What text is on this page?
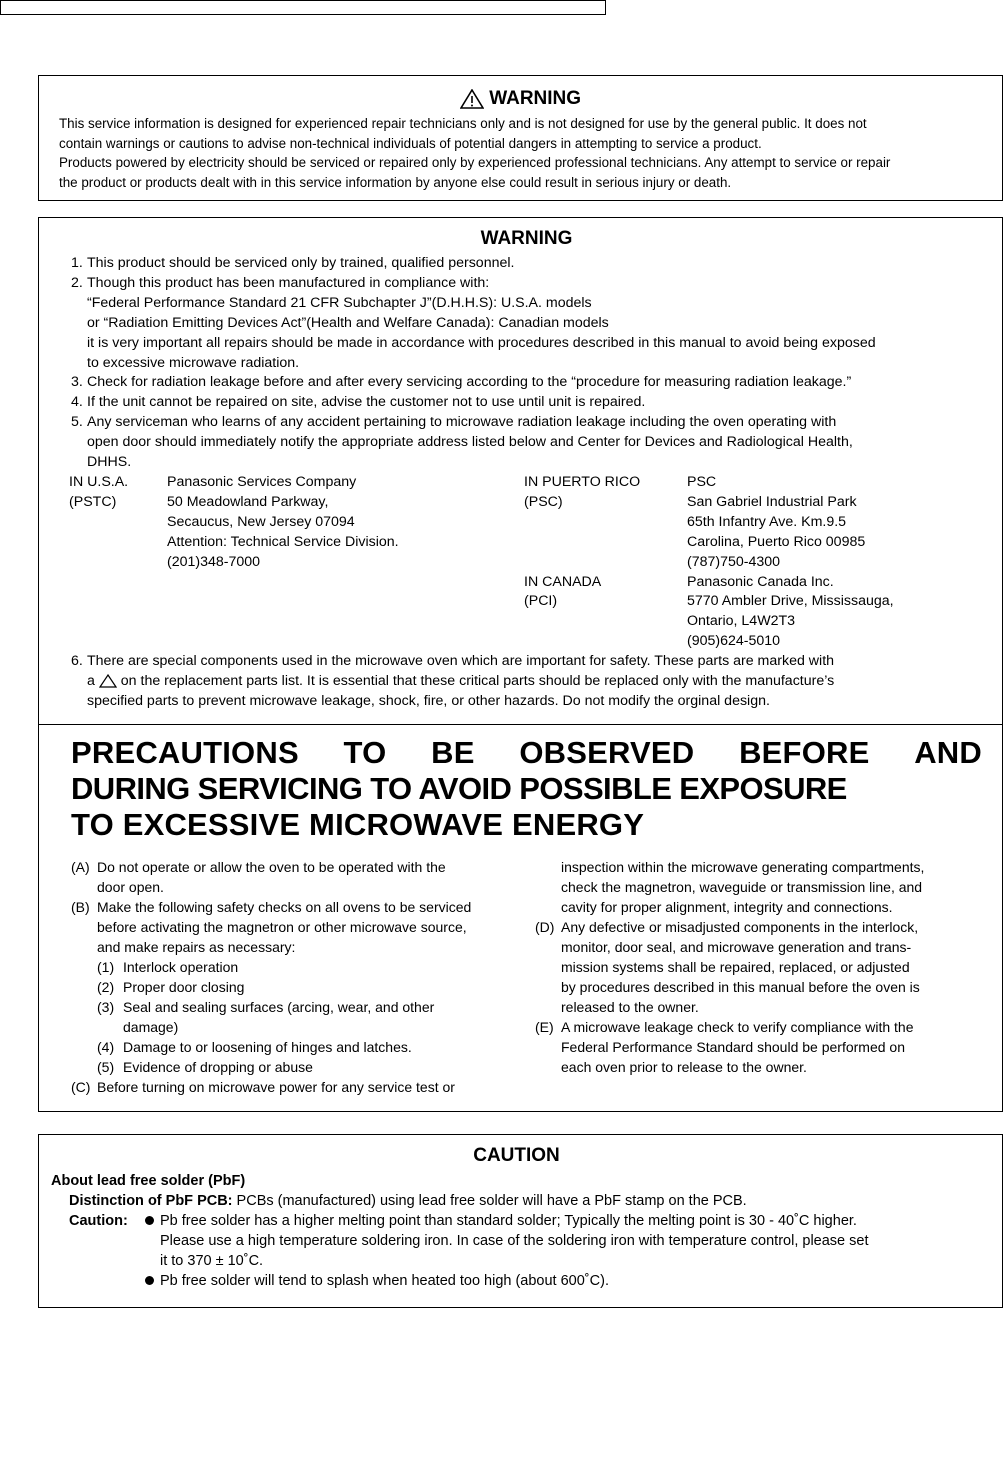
WARNING

This service information is designed for experienced repair technicians only and is not designed for use by the general public. It does not

contain warnings or cautions to advise non-technical individuals of potential dangers in attempting to service a product.

Products powered by electricity should be serviced or repaired only by experienced professional technicians. Any attempt to service or repair

the product or products dealt with in this service information by anyone else could result in serious injury or death.

WARNING
1. This product should be serviced only by trained, qualified personnel.
2. Though this product has been manufactured in compliance with:
“Federal Performance Standard 21 CFR Subchapter J”(D.H.H.S): U.S.A. models
or “Radiation Emitting Devices Act”(Health and Welfare Canada): Canadian models
it is very important all repairs should be made in accordance with procedures described in this manual to avoid being exposed
to excessive microwave radiation.
3. Check for radiation leakage before and after every servicing according to the “procedure for measuring radiation leakage.”
4. If the unit cannot be repaired on site, advise the customer not to use until unit is repaired.
5. Any serviceman who learns of any accident pertaining to microwave radiation leakage including the oven operating with
open door should immediately notify the appropriate address listed below and Center for Devices and Radiological Health,
DHHS.
IN U.S.A.
(PSTC)
Panasonic Services Company
50 Meadowland Parkway,
Secaucus, New Jersey 07094
Attention: Technical Service Division.
(201)348-7000
IN PUERTO RICO
(PSC)

IN CANADA
(PCI)
PSC
San Gabriel Industrial Park
65th Infantry Ave. Km.9.5
Carolina, Puerto Rico 00985
(787)750-4300
Panasonic Canada Inc.
5770 Ambler Drive, Mississauga,
Ontario, L4W2T3
(905)624-5010
6. There are special components used in the microwave oven which are important for safety. These parts are marked with
a on the replacement parts list. It is essential that these critical parts should be replaced only with the manufacture’s
specified parts to prevent microwave leakage, shock, fire, or other hazards. Do not modify the orginal design.
PRECAUTIONS TO BE OBSERVED BEFORE AND
DURING SERVICING TO AVOID POSSIBLE EXPOSURE
TO EXCESSIVE MICROWAVE ENERGY
(A) Do not operate or allow the oven to be operated with the
door open.
(B) Make the following safety checks on all ovens to be serviced
before activating the magnetron or other microwave source,
and make repairs as necessary:
(1) Interlock operation
(2) Proper door closing
(3) Seal and sealing surfaces (arcing, wear, and other
damage)
(4) Damage to or loosening of hinges and latches.
(5) Evidence of dropping or abuse
(C) Before turning on microwave power for any service test or
inspection within the microwave generating compartments,
check the magnetron, waveguide or transmission line, and
cavity for proper alignment, integrity and connections.
(D) Any defective or misadjusted components in the interlock,
monitor, door seal, and microwave generation and trans-
mission systems shall be repaired, replaced, or adjusted
by procedures described in this manual before the oven is
released to the owner.
(E) A microwave leakage check to verify compliance with the
Federal Performance Standard should be performed on
each oven prior to release to the owner.
CAUTION
About lead free solder (PbF)
Distinction of PbF PCB: PCBs (manufactured) using lead free solder will have a PbF stamp on the PCB.
Caution:	Pb free solder has a higher melting point than standard solder; Typically the melting point is 30 - 40˚C higher.
Please use a high temperature soldering iron. In case of the soldering iron with temperature control, please set
it to 370 ± 10˚C.
Pb free solder will tend to splash when heated too high (about 600˚C).
